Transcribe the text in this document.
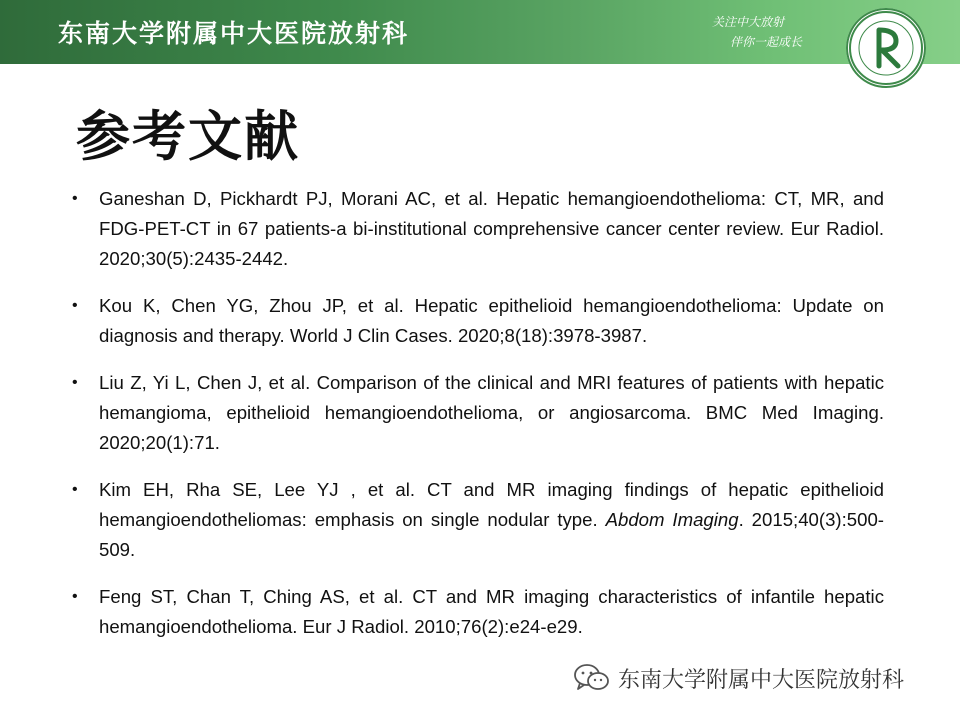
东南大学附属中大医院放射科	关注中大放射
伴你一起成长
参考文献
• Ganeshan D, Pickhardt PJ, Morani AC, et al. Hepatic hemangioendothelioma: CT, MR, and FDG-PET-CT in 67 patients-a bi-institutional comprehensive cancer center review. Eur Radiol. 2020;30(5):2435-2442.
• Kou K, Chen YG, Zhou JP, et al. Hepatic epithelioid hemangioendothelioma: Update on diagnosis and therapy. World J Clin Cases. 2020;8(18):3978-3987.
• Liu Z, Yi L, Chen J, et al. Comparison of the clinical and MRI features of patients with hepatic hemangioma, epithelioid hemangioendothelioma, or angiosarcoma. BMC Med Imaging. 2020;20(1):71.
• Kim EH, Rha SE, Lee YJ , et al. CT and MR imaging findings of hepatic epithelioid hemangioendotheliomas: emphasis on single nodular type. Abdom Imaging. 2015;40(3):500-509.
• Feng ST, Chan T, Ching AS, et al. CT and MR imaging characteristics of infantile hepatic hemangioendothelioma. Eur J Radiol. 2010;76(2):e24-e29.
东南大学附属中大医院放射科
